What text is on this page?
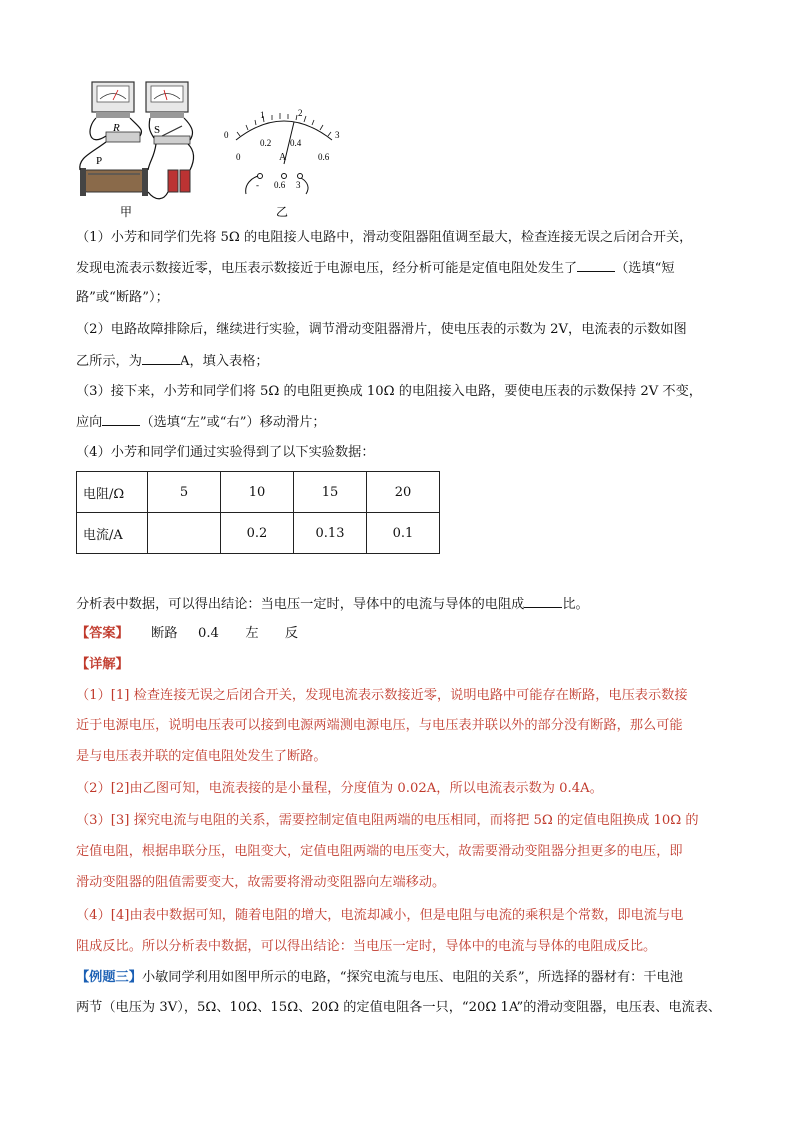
R	S
P
甲
0
1	2
3
0
0.2 0.4
0.6
A
- 0.6 3
乙
（1）小芳和同学们先将 5Ω 的电阻接人电路中，滑动变阻器阻值调至最大，检查连接无误之后闭合开关，
发现电流表示数接近零，电压表示数接近于电源电压，经分析可能是定值电阻处发生了	（选填“短
路”或“断路”）；
（2）电路故障排除后，继续进行实验，调节滑动变阻器滑片，使电压表的示数为 2V，电流表的示数如图
乙所示，为	A，填入表格；
（3）接下来，小芳和同学们将 5Ω 的电阻更换成 10Ω 的电阻接入电路，要使电压表的示数保持 2V 不变，
应向	（选填“左”或“右”）移动滑片；
（4）小芳和同学们通过实验得到了以下实验数据：
电阻/Ω	5	10	15	20
电流/A		0.2	0.13	0.1
分析表中数据，可以得出结论：当电压一定时，导体中的电流与导体的电阻成	比。
【答案】 断路 0.4 左 反
【详解】
（1）[1] 检查连接无误之后闭合开关，发现电流表示数接近零，说明电路中可能存在断路，电压表示数接
近于电源电压，说明电压表可以接到电源两端测电源电压，与电压表并联以外的部分没有断路，那么可能
是与电压表并联的定值电阻处发生了断路。
（2）[2]由乙图可知，电流表接的是小量程，分度值为 0.02A，所以电流表示数为 0.4A。
（3）[3] 探究电流与电阻的关系，需要控制定值电阻两端的电压相同，而将把 5Ω 的定值电阻换成 10Ω 的
定值电阻，根据串联分压，电阻变大，定值电阻两端的电压变大，故需要滑动变阻器分担更多的电压，即
滑动变阻器的阻值需要变大，故需要将滑动变阻器向左端移动。
（4）[4]由表中数据可知，随着电阻的增大，电流却减小，但是电阻与电流的乘积是个常数，即电流与电
阻成反比。所以分析表中数据，可以得出结论：当电压一定时，导体中的电流与导体的电阻成反比。
【例题三】小敏同学利用如图甲所示的电路，“探究电流与电压、电阻的关系”，所选择的器材有：干电池
两节（电压为 3V），5Ω、10Ω、15Ω、20Ω 的定值电阻各一只，“20Ω 1A”的滑动变阻器，电压表、电流表、
